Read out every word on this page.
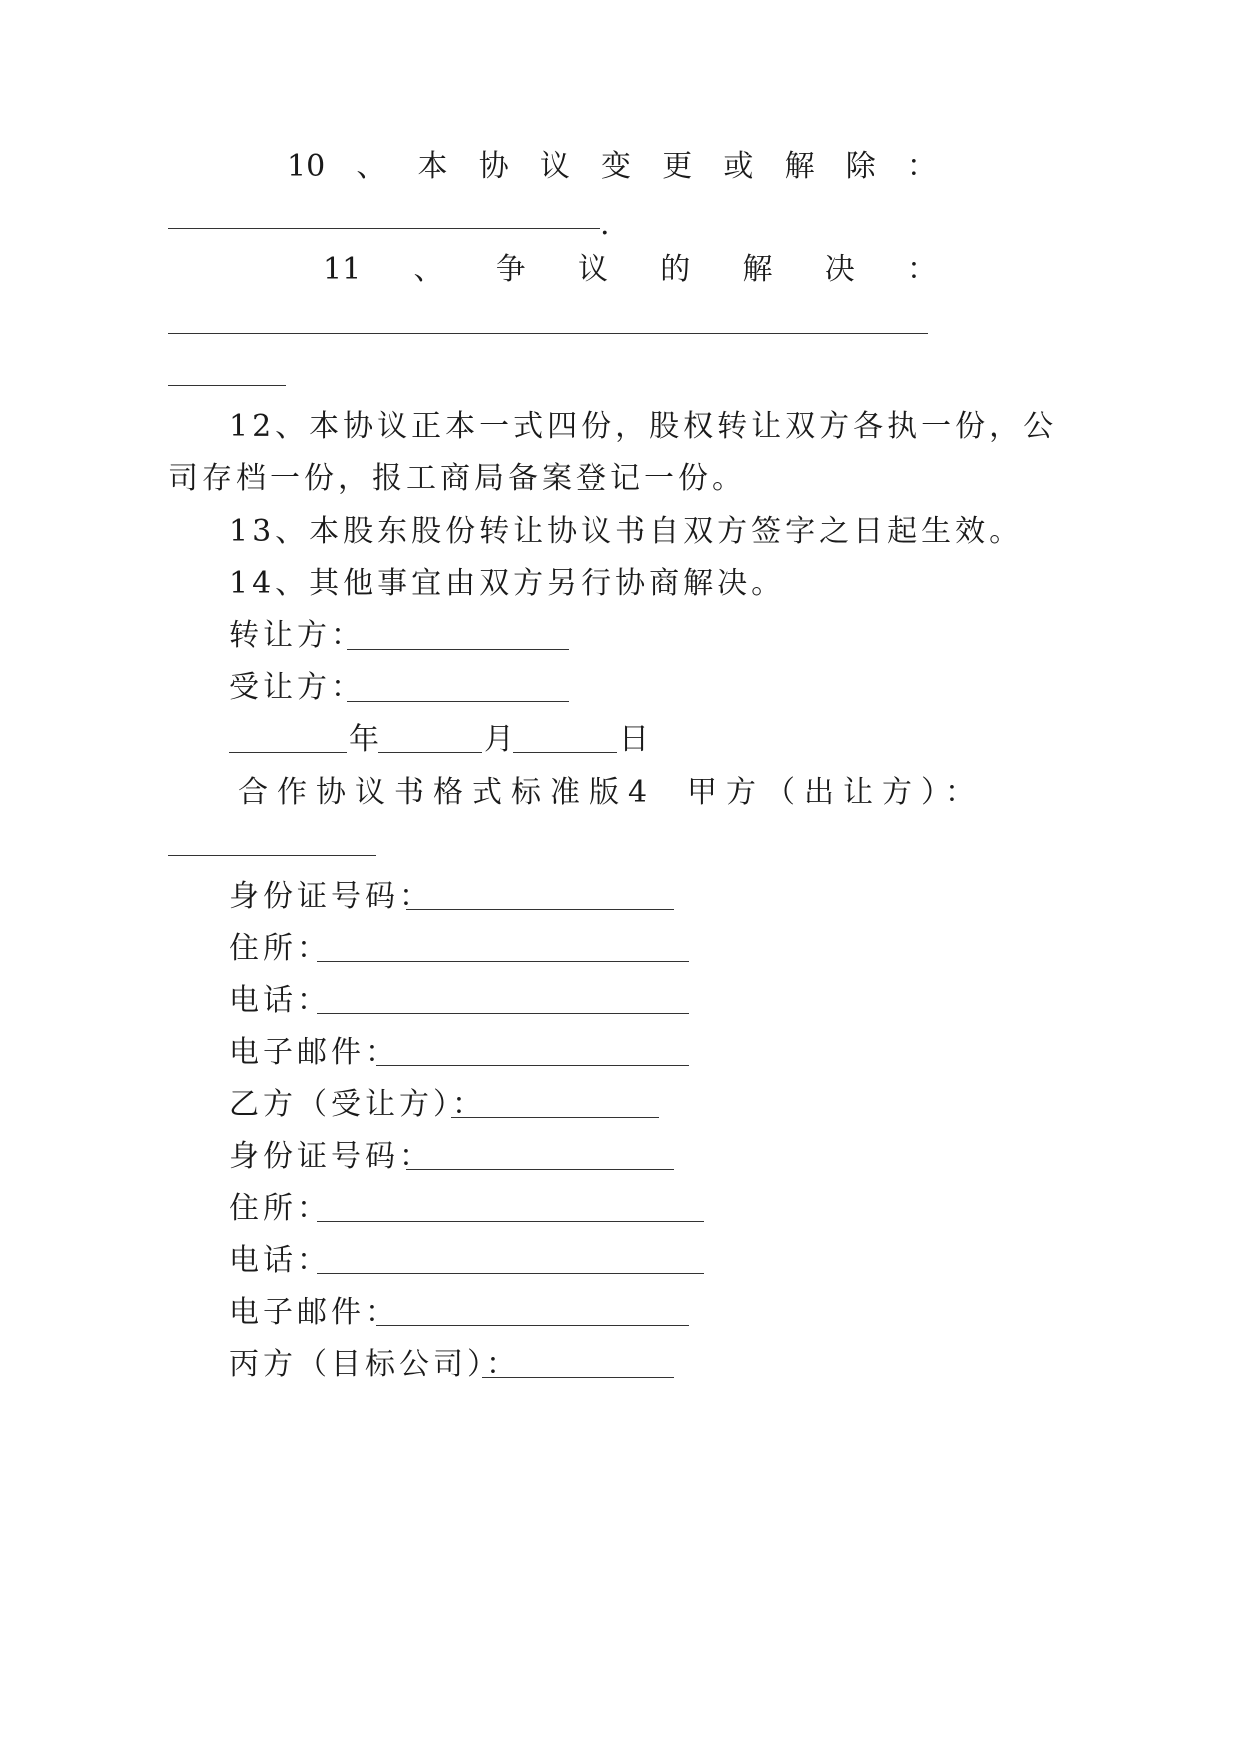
10 、 本 协 议 变 更 或 解 除 ：
.
11 、 争 议 的 解 决 ：
12、本协议正本一式四份，股权转让双方各执一份，公
司存档一份，报工商局备案登记一份。
13、本股东股份转让协议书自双方签字之日起生效。
14、其他事宜由双方另行协商解决。
转让方：
受让方：
年	月	日
合作协议书格式标准版4 甲方（出让方）：
身份证号码：
住所：
电话：
电子邮件：
乙方（受让方）：
身份证号码：
住所：
电话：
电子邮件：
丙方（目标公司）：
